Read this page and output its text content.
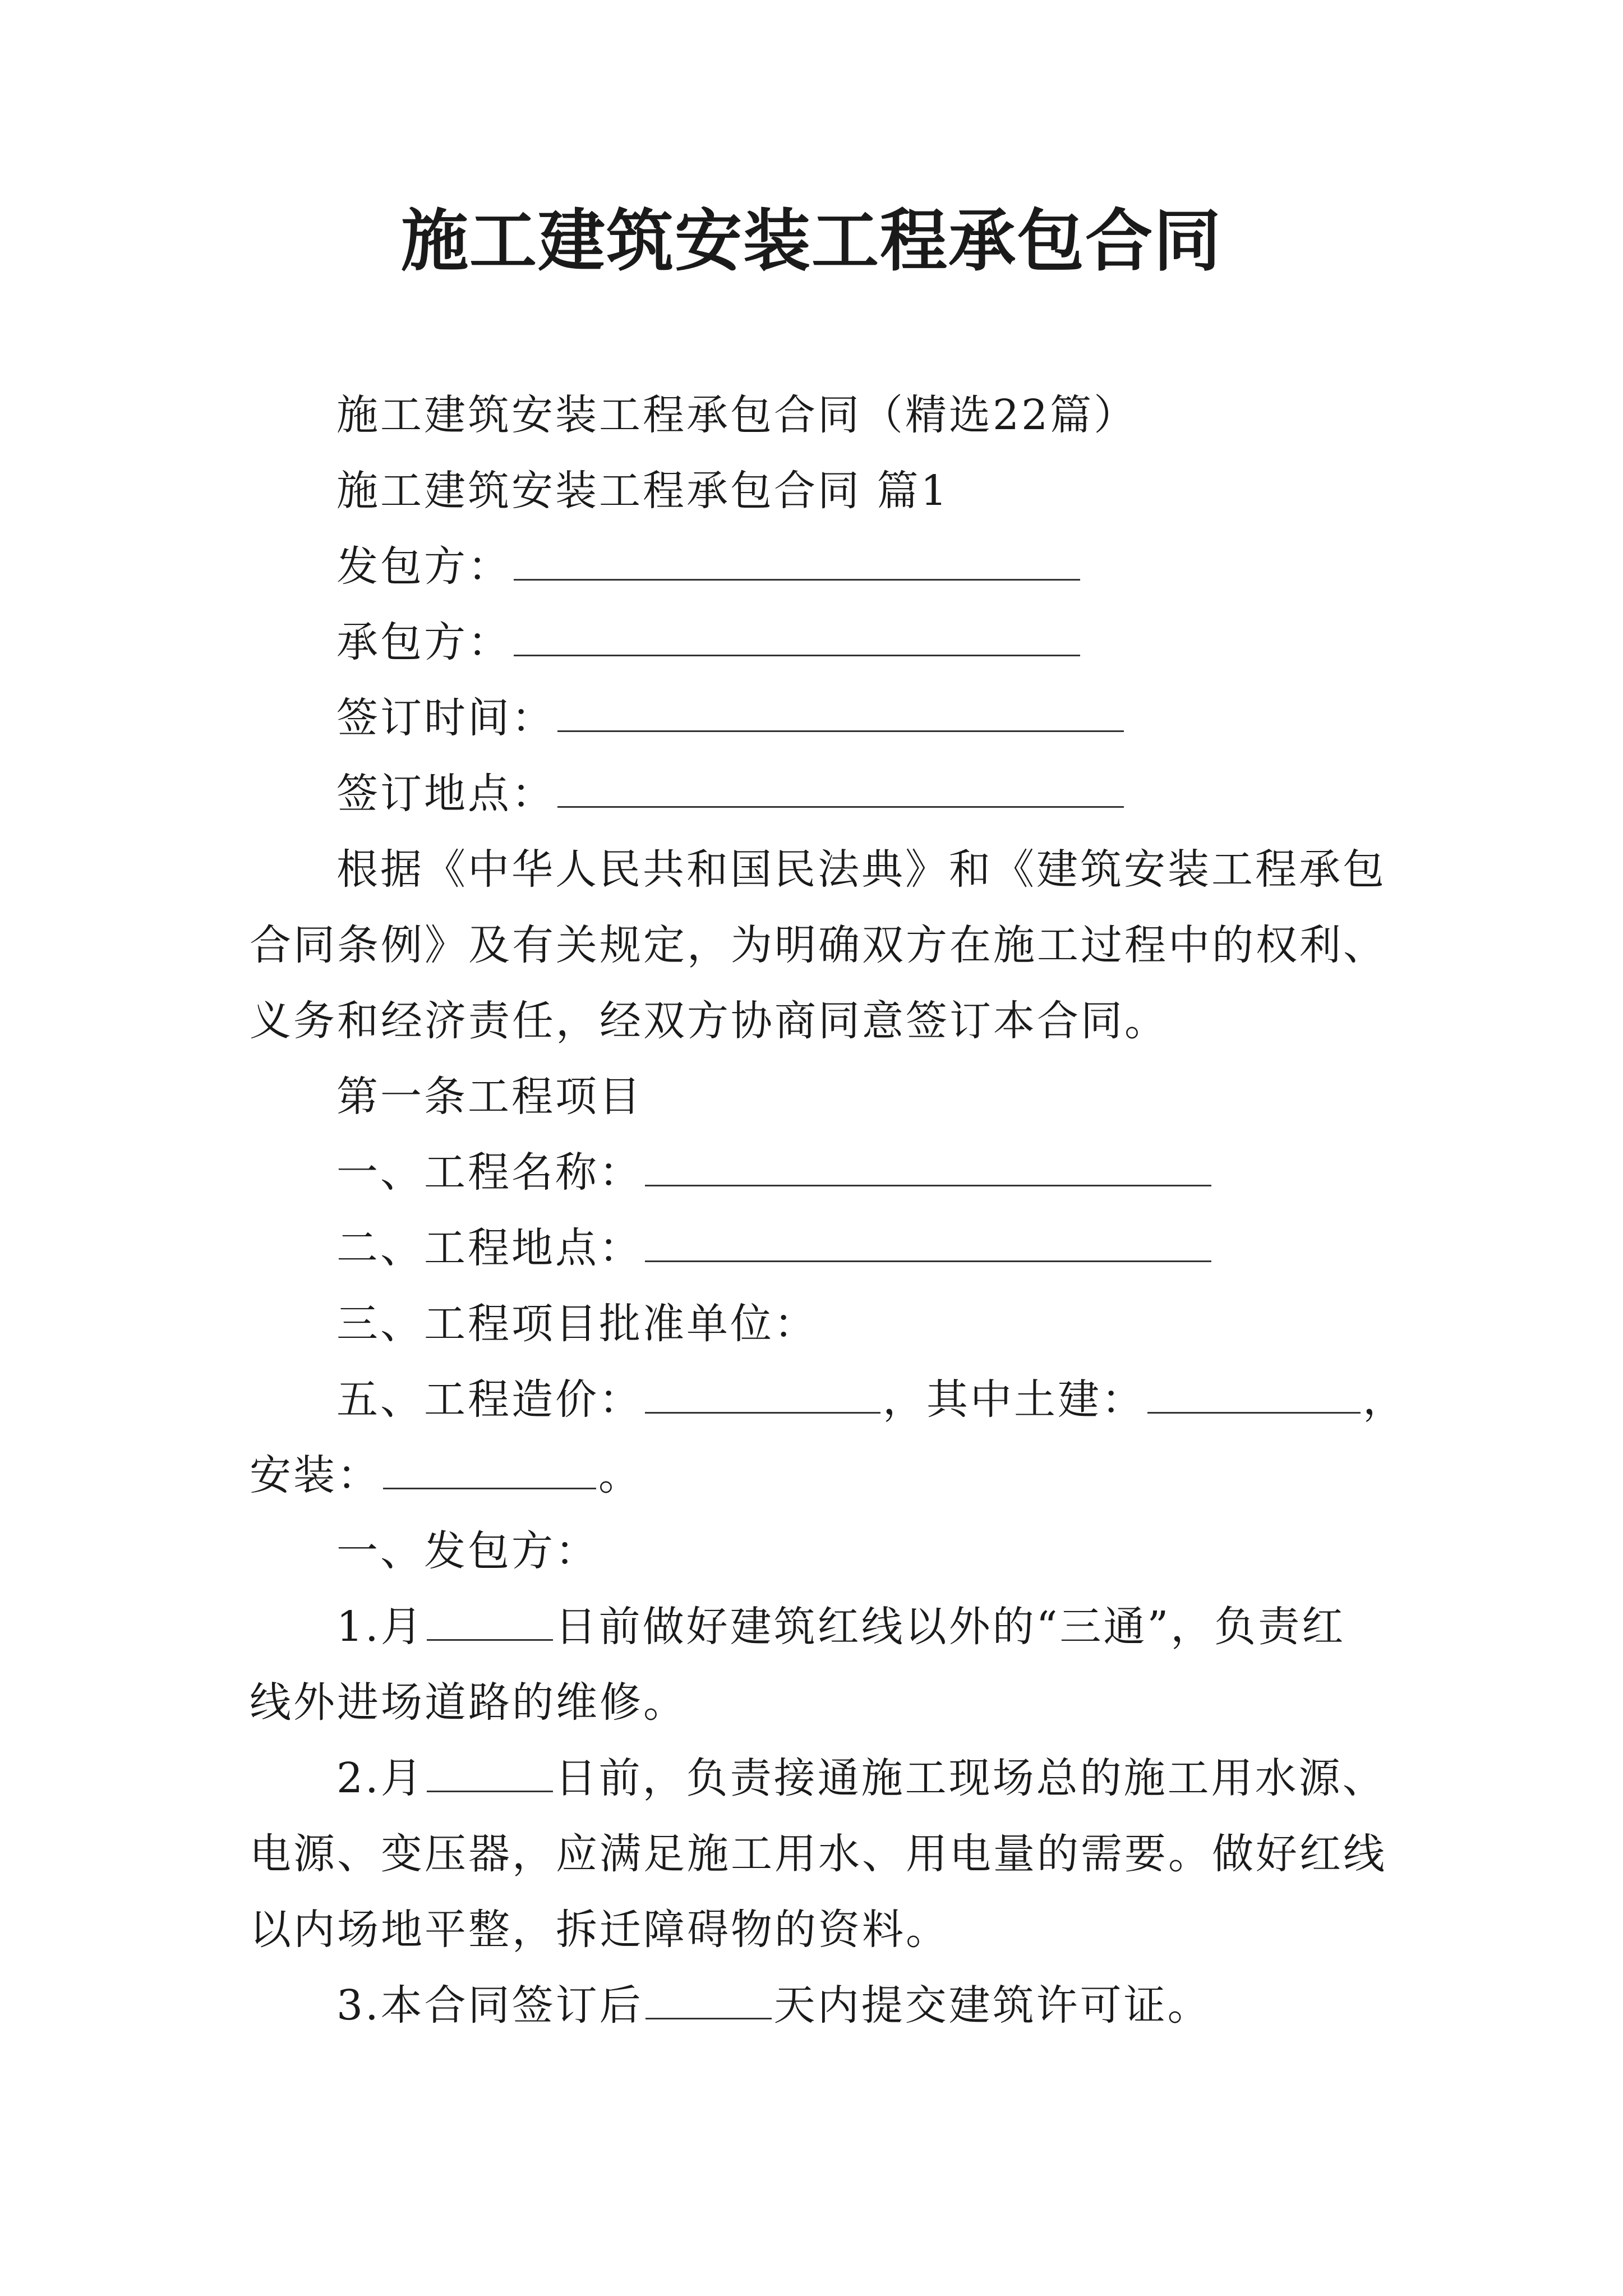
施工建筑安装工程承包合同
施工建筑安装工程承包合同（精选22篇）
施工建筑安装工程承包合同 篇1
发包方：
承包方：
签订时间：
签订地点：
根据《中华人民共和国民法典》和《建筑安装工程承包
合同条例》及有关规定，为明确双方在施工过程中的权利、
义务和经济责任，经双方协商同意签订本合同。
第一条工程项目
一、工程名称：
二、工程地点：
三、工程项目批准单位：
五、工程造价：	，其中土建：	，
安装：	。
一、发包方：
1.月	日前做好建筑红线以外的“三通”，负责红
线外进场道路的维修。
2.月	日前，负责接通施工现场总的施工用水源、
电源、变压器，应满足施工用水、用电量的需要。做好红线
以内场地平整，拆迁障碍物的资料。
3.本合同签订后	天内提交建筑许可证。
